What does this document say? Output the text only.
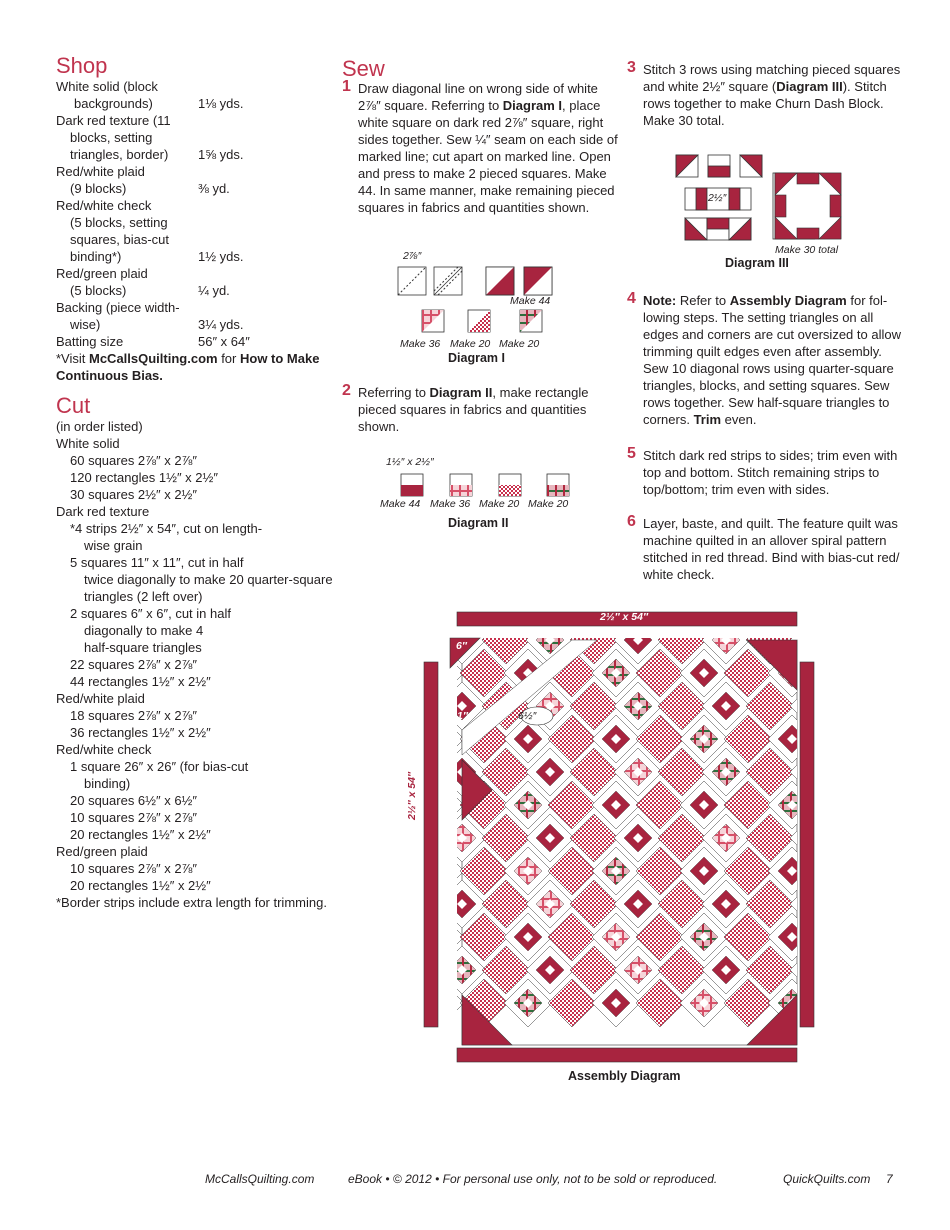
Shop
White solid (block
backgrounds)	1⅛ yds.
Dark red texture (11
blocks, setting
triangles, border)	1⅝ yds.
Red/white plaid
(9 blocks)	⅜ yd.
Red/white check
(5 blocks, setting
squares, bias-cut
binding*)	1½ yds.
Red/green plaid
(5 blocks)	¼ yd.
Backing (piece width-
wise)	3¼ yds.
Batting size	56″ x 64″
*Visit McCallsQuilting.com for How to Make Continuous Bias.
Cut
(in order listed)
White solid
60 squares 2⅞″ x 2⅞″
120 rectangles 1½″ x 2½″
30 squares 2½″ x 2½″
Dark red texture
*4 strips 2½″ x 54″, cut on length-
wise grain
5 squares 11″ x 11″, cut in half
twice diagonally to make 20 quarter-square
triangles (2 left over)
2 squares 6″ x 6″, cut in half
diagonally to make 4
half-square triangles
22 squares 2⅞″ x 2⅞″
44 rectangles 1½″ x 2½″
Red/white plaid
18 squares 2⅞″ x 2⅞″
36 rectangles 1½″ x 2½″
Red/white check
1 square 26″ x 26″ (for bias-cut
binding)
20 squares 6½″ x 6½″
10 squares 2⅞″ x 2⅞″
20 rectangles 1½″ x 2½″
Red/green plaid
10 squares 2⅞″ x 2⅞″
20 rectangles 1½″ x 2½″
*Border strips include extra length for trimming.
Sew
1 Draw diagonal line on wrong side of white
2⅞″ square. Referring to Diagram I, place
white square on dark red 2⅞″ square, right
sides together. Sew ¼″ seam on each side of
marked line; cut apart on marked line. Open
and press to make 2 pieced squares. Make
44. In same manner, make remaining pieced
squares in fabrics and quantities shown.
2⅞″
Make 44
Make 36 Make 20 Make 20
Diagram I
2 Referring to Diagram II, make rectangle
pieced squares in fabrics and quantities
shown.
1½″ x 2½″
Make 44 Make 36 Make 20 Make 20
Diagram II
3 Stitch 3 rows using matching pieced squares
and white 2½″ square (Diagram III). Stitch
rows together to make Churn Dash Block.
Make 30 total.
2½″
Make 30 total
Diagram III
4 Note: Refer to Assembly Diagram for fol-
lowing steps. The setting triangles on all
edges and corners are cut oversized to allow
trimming quilt edges even after assembly.
Sew 10 diagonal rows using quarter-square
triangles, blocks, and setting squares. Sew
rows together. Sew half-square triangles to
corners. Trim even.
5 Stitch dark red strips to sides; trim even with
top and bottom. Stitch remaining strips to
top/bottom; trim even with sides.
6 Layer, baste, and quilt. The feature quilt was
machine quilted in an allover spiral pattern
stitched in red thread. Bind with bias-cut red/
white check.
2½″ x 54″
2½″ x 54″
6″
11″	6½″
Assembly Diagram
McCallsQuilting.com	eBook • © 2012 • For personal use only, not to be sold or reproduced.	QuickQuilts.com 7
